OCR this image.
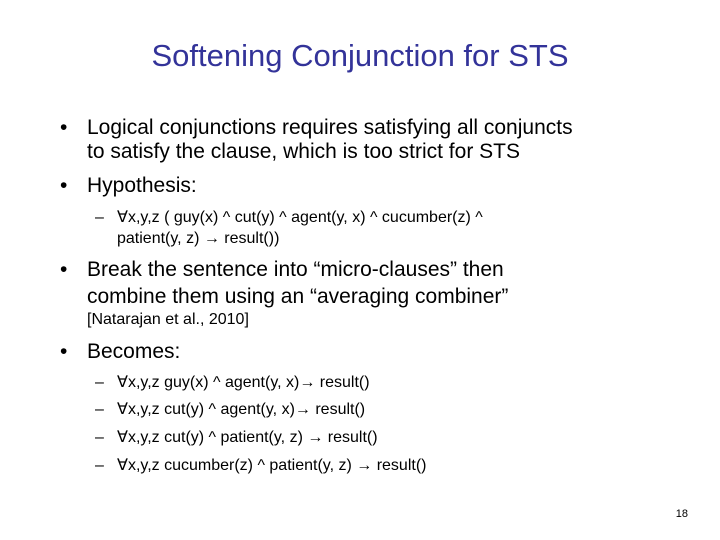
Softening Conjunction for STS
• Logical conjunctions requires satisfying all conjuncts
to satisfy the clause, which is too strict for STS
• Hypothesis:
– ∀x,y,z ( guy(x) ^ cut(y) ^ agent(y, x) ^ cucumber(z) ^
patient(y, z) → result())
• Break the sentence into “micro-clauses” then
combine them using an “averaging combiner”
[Natarajan et al., 2010]
• Becomes:
– ∀x,y,z guy(x) ^ agent(y, x)→ result()
– ∀x,y,z cut(y) ^ agent(y, x)→ result()
– ∀x,y,z cut(y) ^ patient(y, z) → result()
– ∀x,y,z cucumber(z) ^ patient(y, z) → result()
18
